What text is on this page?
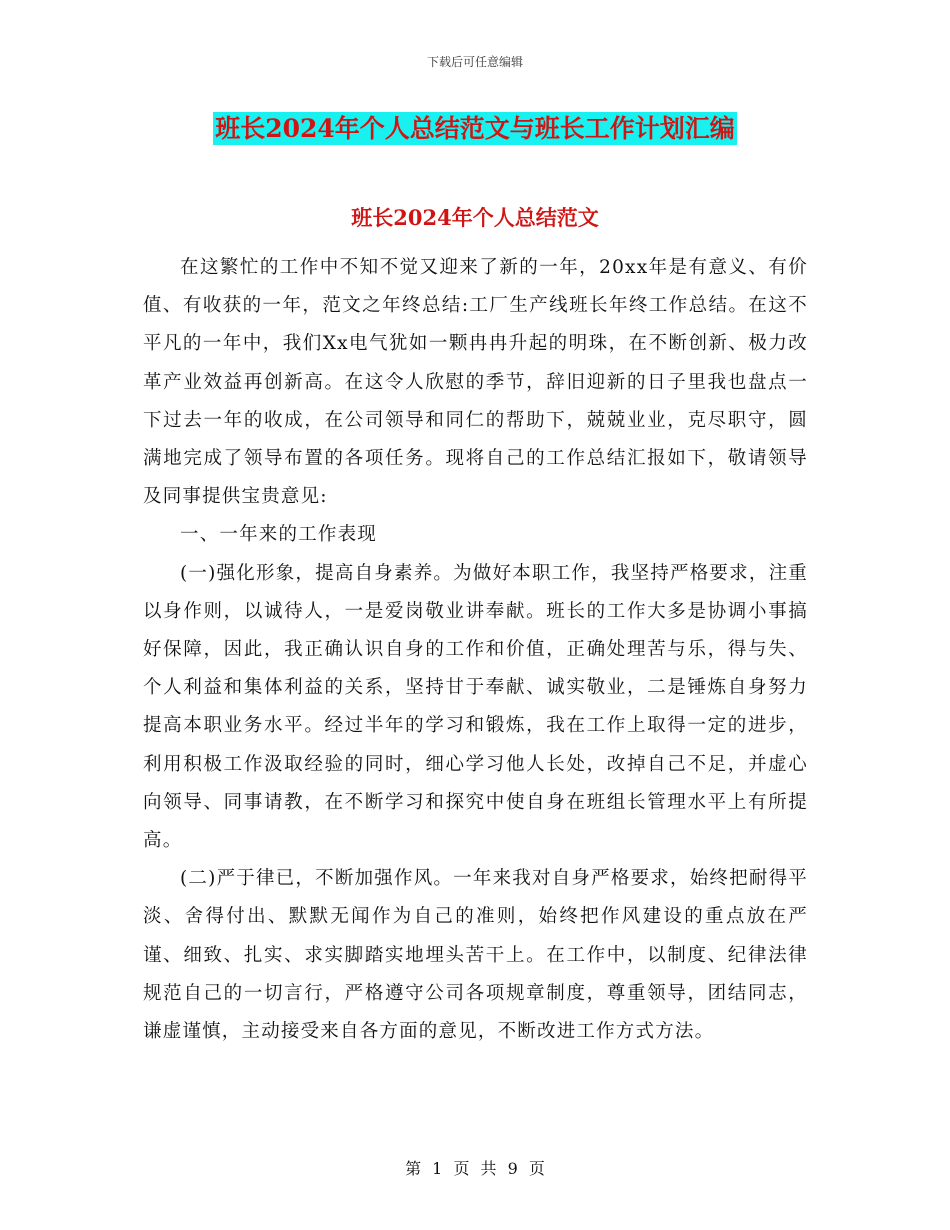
下载后可任意编辑
班长2024年个人总结范文与班长工作计划汇编
班长2024年个人总结范文

在这繁忙的工作中不知不觉又迎来了新的一年，20xx年是有意义、有价值、有收获的一年，范文之年终总结:工厂生产线班长年终工作总结。在这不平凡的一年中，我们Xx电气犹如一颗冉冉升起的明珠，在不断创新、极力改革产业效益再创新高。在这令人欣慰的季节，辞旧迎新的日子里我也盘点一下过去一年的收成，在公司领导和同仁的帮助下，兢兢业业，克尽职守，圆满地完成了领导布置的各项任务。现将自己的工作总结汇报如下，敬请领导及同事提供宝贵意见:

一、一年来的工作表现

(一)强化形象，提高自身素养。为做好本职工作，我坚持严格要求，注重以身作则，以诚待人，一是爱岗敬业讲奉献。班长的工作大多是协调小事搞好保障，因此，我正确认识自身的工作和价值，正确处理苦与乐，得与失、个人利益和集体利益的关系，坚持甘于奉献、诚实敬业，二是锤炼自身努力提高本职业务水平。经过半年的学习和锻炼，我在工作上取得一定的进步，利用积极工作汲取经验的同时，细心学习他人长处，改掉自己不足，并虚心向领导、同事请教，在不断学习和探究中使自身在班组长管理水平上有所提高。

(二)严于律已，不断加强作风。一年来我对自身严格要求，始终把耐得平淡、舍得付出、默默无闻作为自己的准则，始终把作风建设的重点放在严谨、细致、扎实、求实脚踏实地埋头苦干上。在工作中，以制度、纪律法律规范自己的一切言行，严格遵守公司各项规章制度，尊重领导，团结同志，谦虚谨慎，主动接受来自各方面的意见，不断改进工作方式方法。

第 1 页 共 9 页
